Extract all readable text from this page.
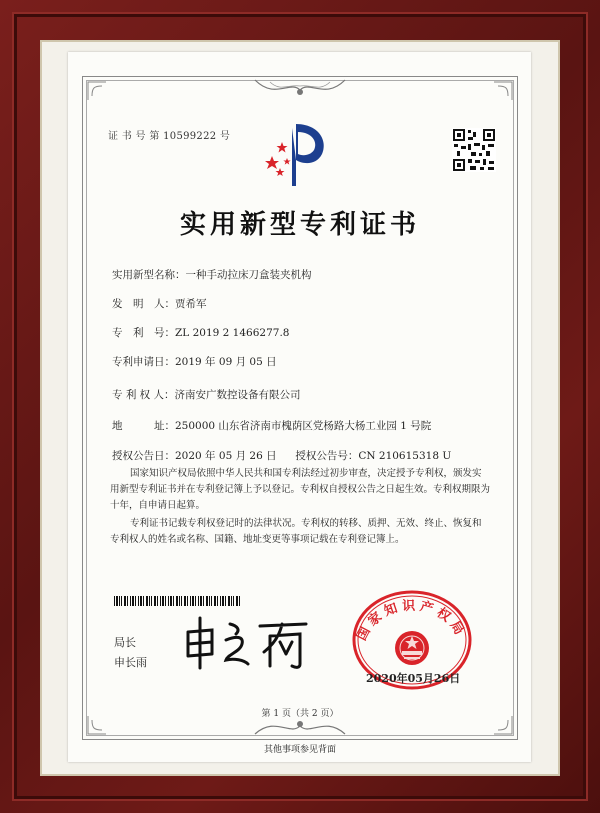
证 书 号 第 10599222 号
实用新型专利证书
实用新型名称：一种手动拉床刀盒装夹机构
发　明　人：贾希军
专　利　号：ZL 2019 2 1466277.8
专利申请日：2019 年 09 月 05 日
专 利 权 人：济南安广数控设备有限公司
地　　　址：250000 山东省济南市槐荫区党杨路大杨工业园 1 号院
授权公告日：2020 年 05 月 26 日 授权公告号：CN 210615318 U
国家知识产权局依照中华人民共和国专利法经过初步审查，决定授予专利权，颁发实用新型专利证书并在专利登记簿上予以登记。专利权自授权公告之日起生效。专利权期限为十年，自申请日起算。
专利证书记载专利权登记时的法律状况。专利权的转移、质押、无效、终止、恢复和专利权人的姓名或名称、国籍、地址变更等事项记载在专利登记簿上。
局长
申长雨
国家知识产权局
2020年05月26日
第 1 页（共 2 页）
其他事项参见背面
